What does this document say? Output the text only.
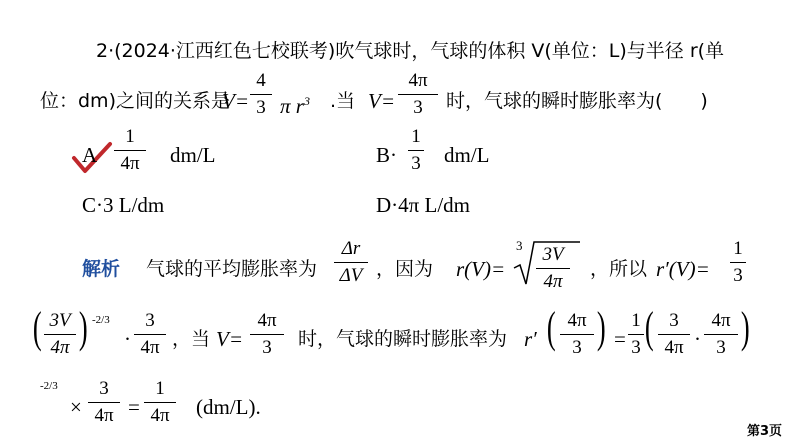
2·(2024·江西红色七校联考)吹气球时，气球的体积 V(单位：L)与半径 r(单
位：dm)之间的关系是
V=
4
3 π $r^3$ .当 V=
4π
3	时，气球的瞬时膨胀率为(　　)
A
1
4π	dm/L	B·
1
3 dm/L
C·3 L/dm	D·4π L/dm
解析 气球的平均膨胀率为
Δr
ΔV ，因为 r(V)=
3	3V
4π
，所以 r′(V)=
1
3
( 3V
4π ) -2/3
·
3
4π ，当 V=
4π
3	时，气球的瞬时膨胀率为 r′ ( 4π
3 ) =
1
3 ( 3
4π ·
4π
3 )
-2/3
×
3
4π =
1
4π	(dm/L).
第3页
